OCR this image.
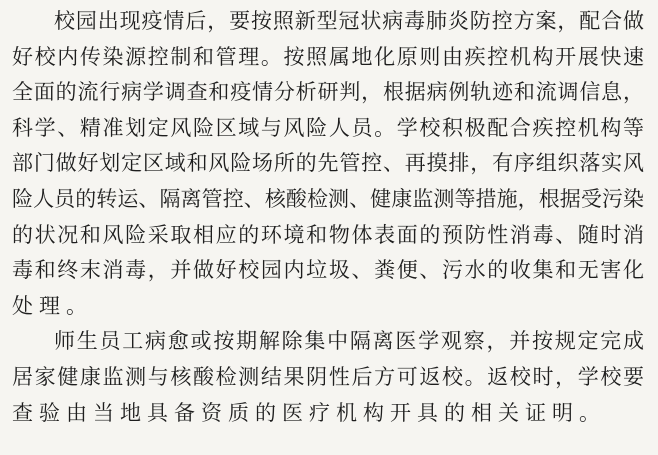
校园出现疫情后，要按照新型冠状病毒肺炎防控方案，配合做
好校内传染源控制和管理。按照属地化原则由疾控机构开展快速
全面的流行病学调查和疫情分析研判，根据病例轨迹和流调信息，
科学、精准划定风险区域与风险人员。学校积极配合疾控机构等
部门做好划定区域和风险场所的先管控、再摸排，有序组织落实风
险人员的转运、隔离管控、核酸检测、健康监测等措施，根据受污染
的状况和风险采取相应的环境和物体表面的预防性消毒、随时消
毒和终末消毒，并做好校园内垃圾、粪便、污水的收集和无害化
处理。
师生员工病愈或按期解除集中隔离医学观察，并按规定完成
居家健康监测与核酸检测结果阴性后方可返校。返校时，学校要
查验由当地具备资质的医疗机构开具的相关证明。
